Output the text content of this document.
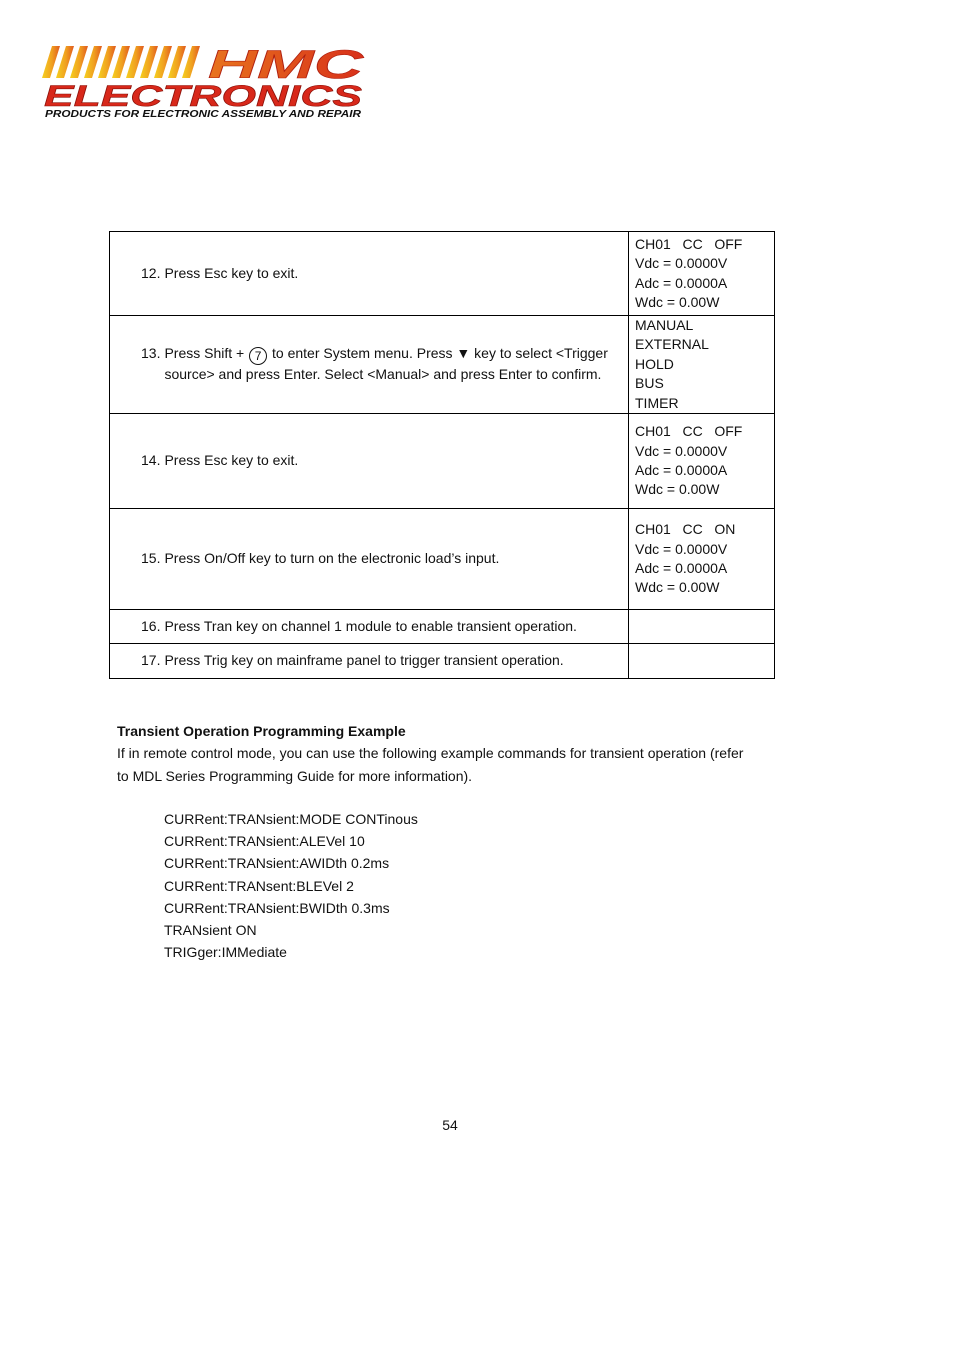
HMC
ELECTRONICS
PRODUCTS FOR ELECTRONIC ASSEMBLY AND REPAIR
12. Press Esc key to exit.	CH01   CC   OFF
Vdc = 0.0000V
Adc = 0.0000A
Wdc = 0.00W

13. Press Shift + 7 to enter System menu. Press ▼ key to select <Trigger source> and press Enter. Select <Manual> and press Enter to confirm.	MANUAL
EXTERNAL
HOLD
BUS
TIMER

14. Press Esc key to exit.	CH01   CC   OFF
Vdc = 0.0000V
Adc = 0.0000A
Wdc = 0.00W

15. Press On/Off key to turn on the electronic load’s input.	CH01   CC   ON
Vdc = 0.0000V
Adc = 0.0000A
Wdc = 0.00W

16. Press Tran key on channel 1 module to enable transient operation.	

17. Press Trig key on mainframe panel to trigger transient operation.	

Transient Operation Programming Example
If in remote control mode, you can use the following example commands for transient operation (refer to MDL Series Programming Guide for more information).
CURRent:TRANsient:MODE CONTinous
CURRent:TRANsient:ALEVel 10
CURRent:TRANsient:AWIDth 0.2ms
CURRent:TRANsent:BLEVel 2
CURRent:TRANsient:BWIDth 0.3ms
TRANsient ON
TRIGger:IMMediate
54
